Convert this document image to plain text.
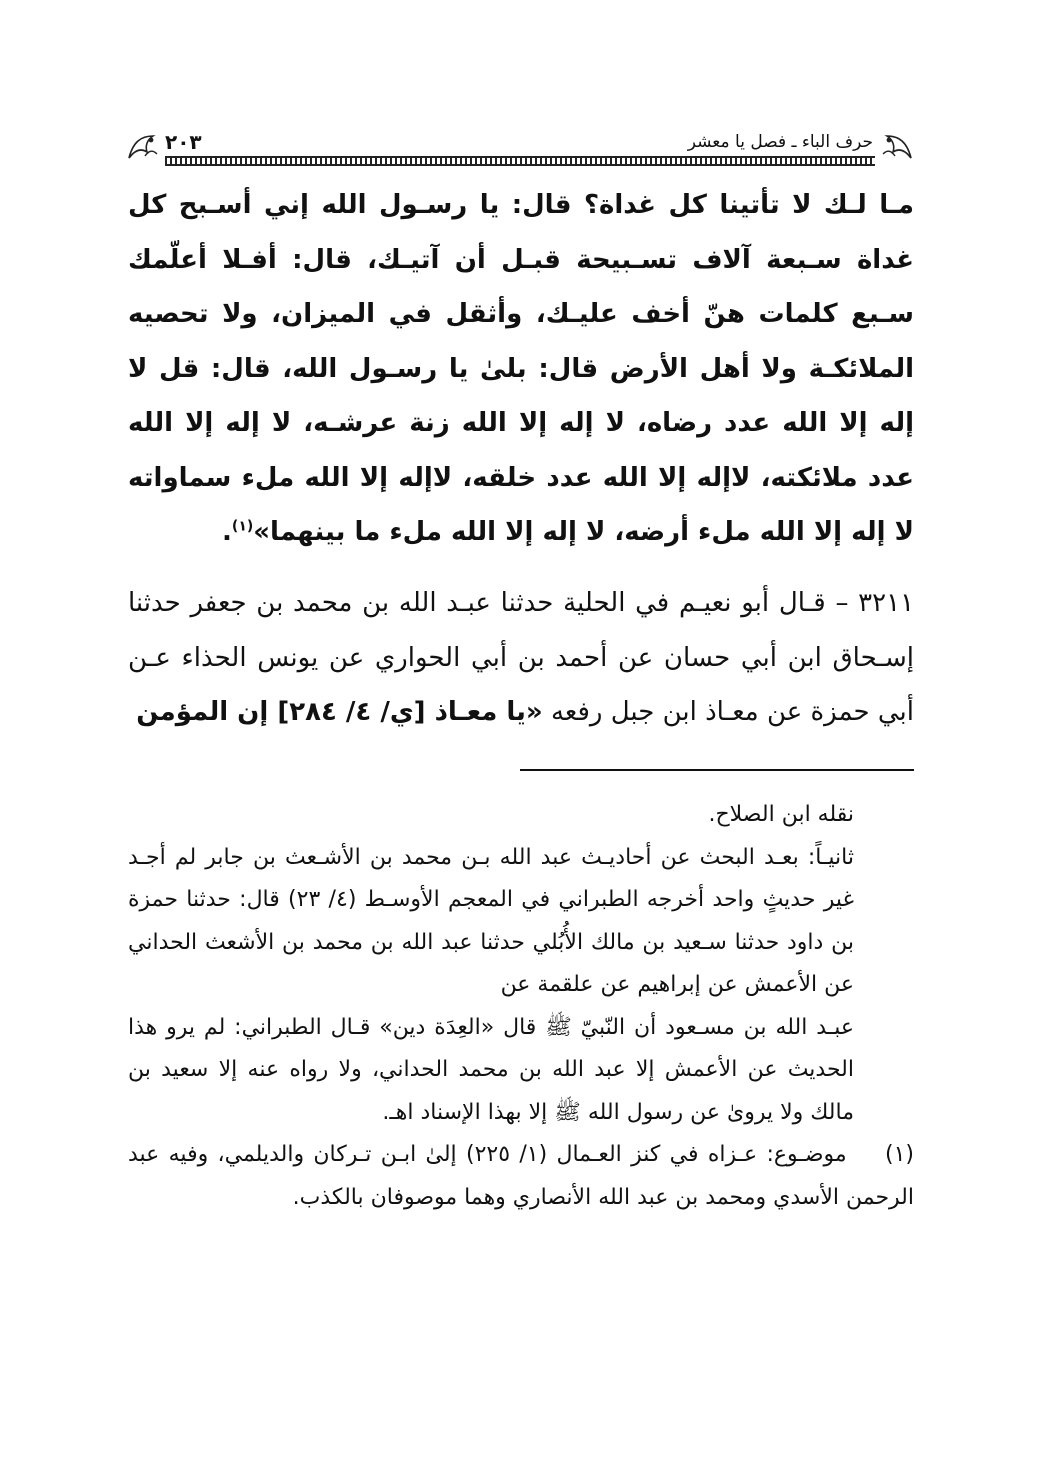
حرف الباء ـ فصل يا معشر
٢٠٣
مـا لـك لا تأتينا كل غداة؟ قال: يا رسـول الله إني أسـبح كل غداة سـبعة آلاف تسـبيحة قبـل أن آتيـك، قال: أفـلا أعلّمك سـبع كلمات هنّ أخف عليـك، وأثقل في الميزان، ولا تحصيه الملائكـة ولا أهل الأرض قال: بلىٰ يا رسـول الله، قال: قل لا إله إلا الله عدد رضاه، لا إله إلا الله زنة عرشـه، لا إله إلا الله عدد ملائكته، لاإله إلا الله عدد خلقه، لاإله إلا الله ملء سماواته لا إله إلا الله ملء أرضه، لا إله إلا الله ملء ما بينهما»$^{(١)}$.

٣٢١١ – قـال أبو نعيـم في الحلية حدثنا عبـد الله بن محمد بن جعفر حدثنا إسـحاق ابن أبي حسان عن أحمد بن أبي الحواري عن يونس الحذاء عـن أبي حمزة عن معـاذ ابن جبل رفعه «يا معـاذ [ي/ ٤/ ٢٨٤] إن المؤمن

نقله ابن الصلاح.

ثانيـاً: بعـد البحث عن أحاديـث عبد الله بـن محمد بن الأشـعث بن جابر لم أجـد غير حديثٍ واحد أخرجه الطبراني في المعجم الأوسـط (٤/ ٢٣) قال: حدثنا حمزة بن داود حدثنا سـعيد بن مالك الأُبُلي حدثنا عبد الله بن محمد بن الأشعث الحداني عن الأعمش عن إبراهيم عن علقمة عن

عبـد الله بن مسـعود أن النّبيّ ﷺ قال «العِدَة دين» قـال الطبراني: لم يرو هذا الحديث عن الأعمش إلا عبد الله بن محمد الحداني، ولا رواه عنه إلا سعيد بن مالك ولا يرویٰ عن رسول الله ﷺ إلا بهذا الإسناد اهـ.

(١) موضـوع: عـزاه في كنز العـمال (١/ ٢٢٥) إلىٰ ابـن تـركان والديلمي، وفيه عبد الرحمن الأسدي ومحمد بن عبد الله الأنصاري وهما موصوفان بالكذب.
